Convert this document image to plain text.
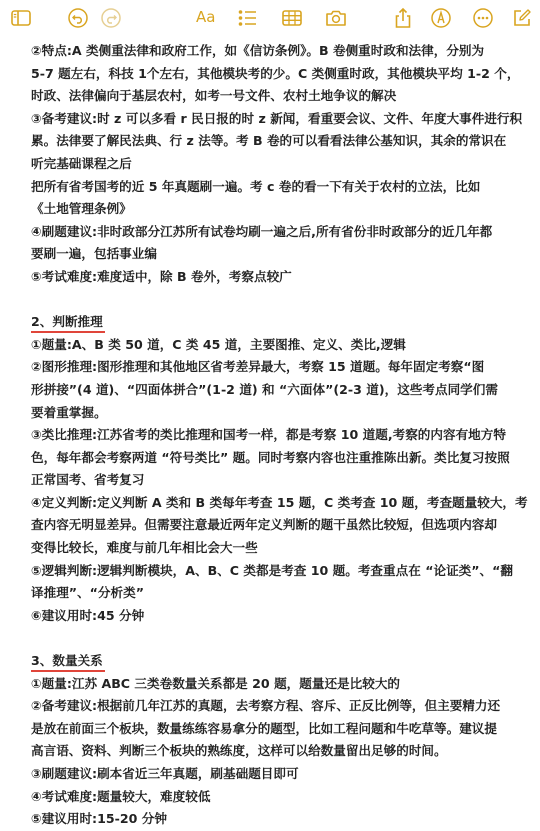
Aa
②特点:A 类侧重法律和政府工作，如《信访条例》。B 卷侧重时政和法律，分别为
5-7 题左右，科技 1个左右，其他模块考的少。C 类侧重时政，其他模块平均 1-2 个，
时政、法律偏向于基层农村，如考一号文件、农村土地争议的解决
③备考建议:时 z 可以多看 r 民日报的时 z 新闻，看重要会议、文件、年度大事件进行积
累。法律要了解民法典、行 z 法等。考 B 卷的可以看看法律公基知识，其余的常识在
听完基础课程之后
把所有省考国考的近 5 年真题刷一遍。考 c 卷的看一下有关于农村的立法，比如
《土地管理条例》
④刷题建议:非时政部分江苏所有试卷均刷一遍之后,所有省份非时政部分的近几年都
要刷一遍，包括事业编
⑤考试难度:难度适中，除 B 卷外，考察点较广
2、判断推理
①题量:A、B 类 50 道，C 类 45 道，主要图推、定义、类比,逻辑
②图形推理:图形推理和其他地区省考差异最大，考察 15 道题。每年固定考察“图
形拼接”(4 道)、“四面体拼合”(1-2 道) 和 “六面体”(2-3 道)，这些考点同学们需
要着重掌握。
③类比推理:江苏省考的类比推理和国考一样，都是考察 10 道题,考察的内容有地方特
色，每年都会考察两道 “符号类比” 题。同时考察内容也注重推陈出新。类比复习按照
正常国考、省考复习
④定义判断:定义判断 A 类和 B 类每年考查 15 题，C 类考查 10 题，考查题量较大，考
查内容无明显差异。但需要注意最近两年定义判断的题干虽然比较短，但选项内容却
变得比较长，难度与前几年相比会大一些
⑤逻辑判断:逻辑判断模块，A、B、C 类都是考查 10 题。考查重点在 “论证类”、“翻
译推理”、“分析类”
⑥建议用时:45 分钟
3、数量关系
①题量:江苏 ABC 三类卷数量关系都是 20 题，题量还是比较大的
②备考建议:根据前几年江苏的真题，去考察方程、容斥、正反比例等，但主要精力还
是放在前面三个板块，数量练练容易拿分的题型，比如工程问题和牛吃草等。建议提
高言语、资料、判断三个板块的熟练度，这样可以给数量留出足够的时间。
③刷题建议:刷本省近三年真题，刷基础题目即可
④考试难度:题量较大，难度较低
⑤建议用时:15-20 分钟
